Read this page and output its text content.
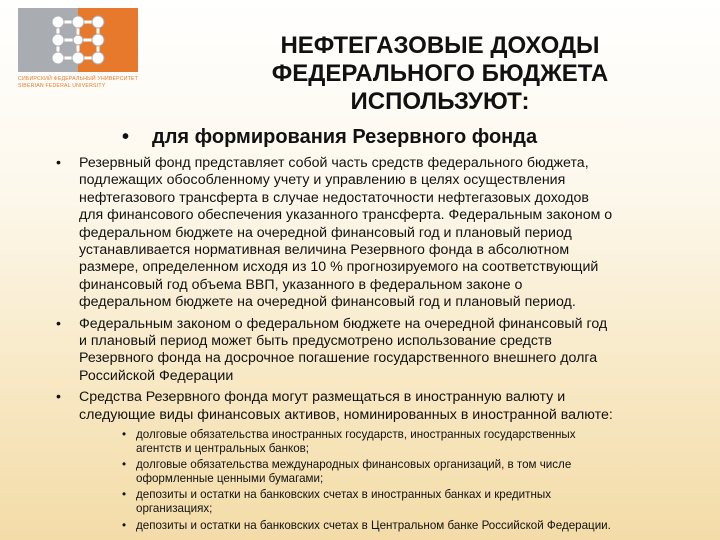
СИБИРСКИЙ ФЕДЕРАЛЬНЫЙ УНИВЕРСИТЕТ
SIBERIAN FEDERAL UNIVERSITY
НЕФТЕГАЗОВЫЕ ДОХОДЫ
ФЕДЕРАЛЬНОГО БЮДЖЕТА
ИСПОЛЬЗУЮТ:
• для формирования Резервного фонда
• Резервный фонд представляет собой часть средств федерального бюджета,
подлежащих обособленному учету и управлению в целях осуществления
нефтегазового трансферта в случае недостаточности нефтегазовых доходов
для финансового обеспечения указанного трансферта. Федеральным законом о
федеральном бюджете на очередной финансовый год и плановый период
устанавливается нормативная величина Резервного фонда в абсолютном
размере, определенном исходя из 10 % прогнозируемого на соответствующий
финансовый год объема ВВП, указанного в федеральном законе о
федеральном бюджете на очередной финансовый год и плановый период.
• Федеральным законом о федеральном бюджете на очередной финансовый год
и плановый период может быть предусмотрено использование средств
Резервного фонда на досрочное погашение государственного внешнего долга
Российской Федерации
• Средства Резервного фонда могут размещаться в иностранную валюту и
следующие виды финансовых активов, номинированных в иностранной валюте:
• долговые обязательства иностранных государств, иностранных государственных
агентств и центральных банков;
• долговые обязательства международных финансовых организаций, в том числе
оформленные ценными бумагами;
• депозиты и остатки на банковских счетах в иностранных банках и кредитных
организациях;
• депозиты и остатки на банковских счетах в Центральном банке Российской Федерации.
